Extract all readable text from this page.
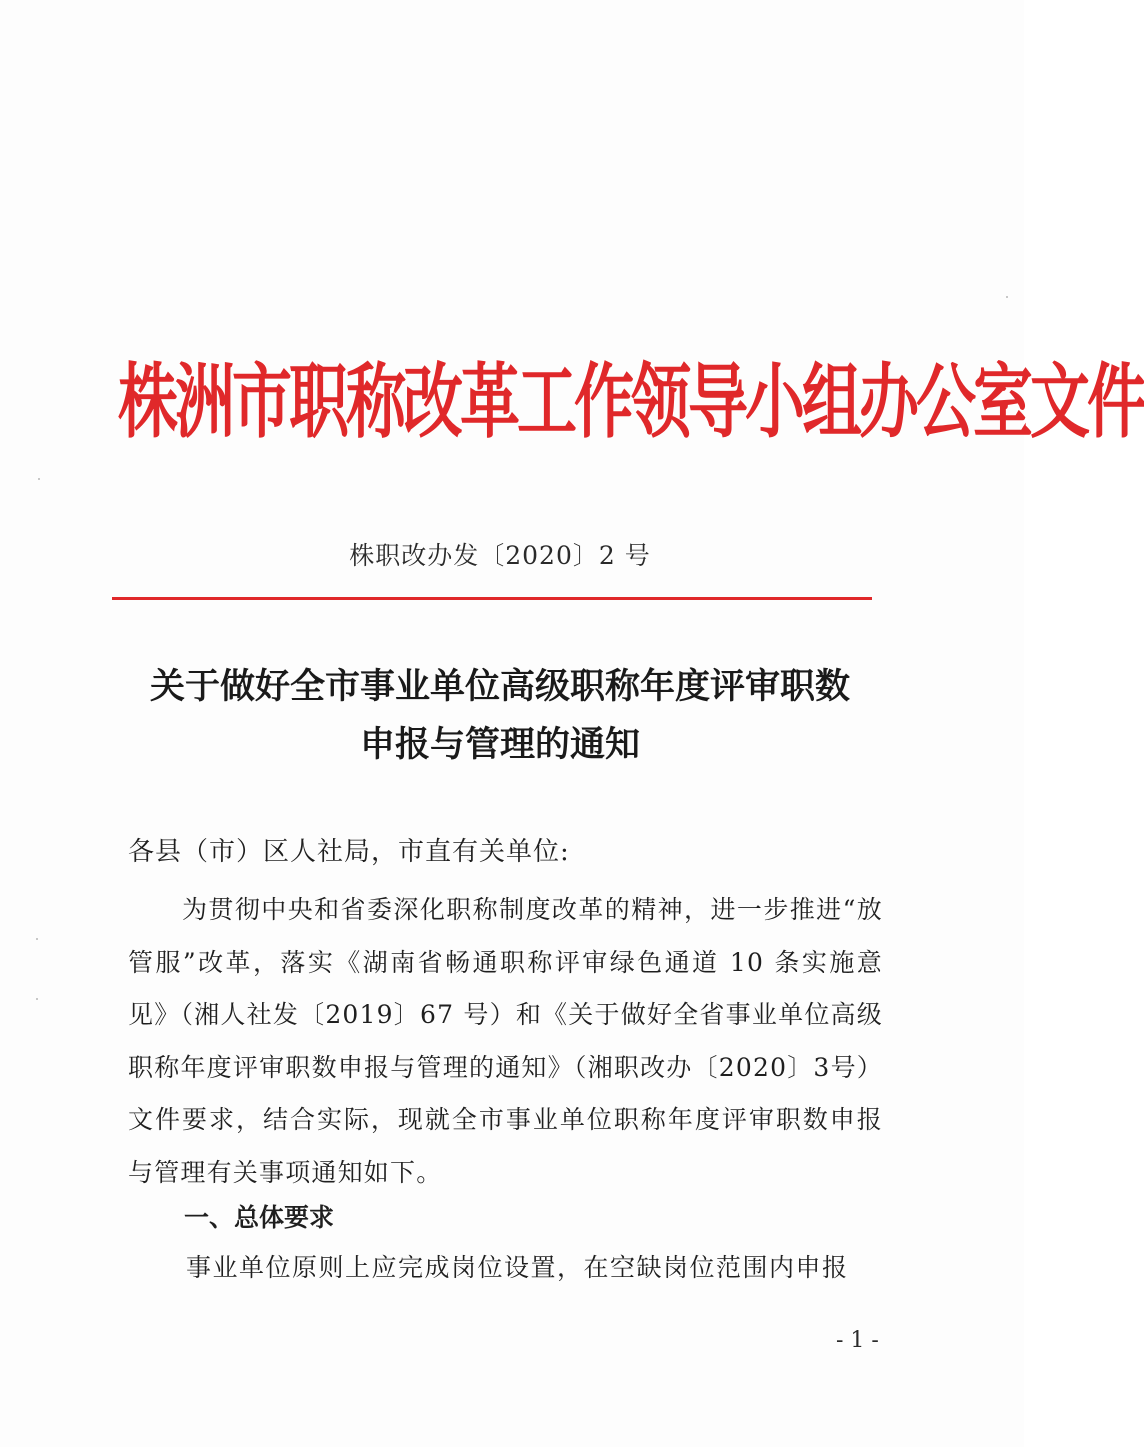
株洲市职称改革工作领导小组办公室文件
株职改办发〔2020〕2 号
关于做好全市事业单位高级职称年度评审职数
申报与管理的通知
各县（市）区人社局，市直有关单位:

为贯彻中央和省委深化职称制度改革的精神，进一步推进“放管服”改革，落实《湖南省畅通职称评审绿色通道 10 条实施意见》（湘人社发〔2019〕67 号）和《关于做好全省事业单位高级职称年度评审职数申报与管理的通知》（湘职改办〔2020〕3号）文件要求，结合实际，现就全市事业单位职称年度评审职数申报与管理有关事项通知如下。

一、总体要求
事业单位原则上应完成岗位设置，在空缺岗位范围内申报
- 1 -
